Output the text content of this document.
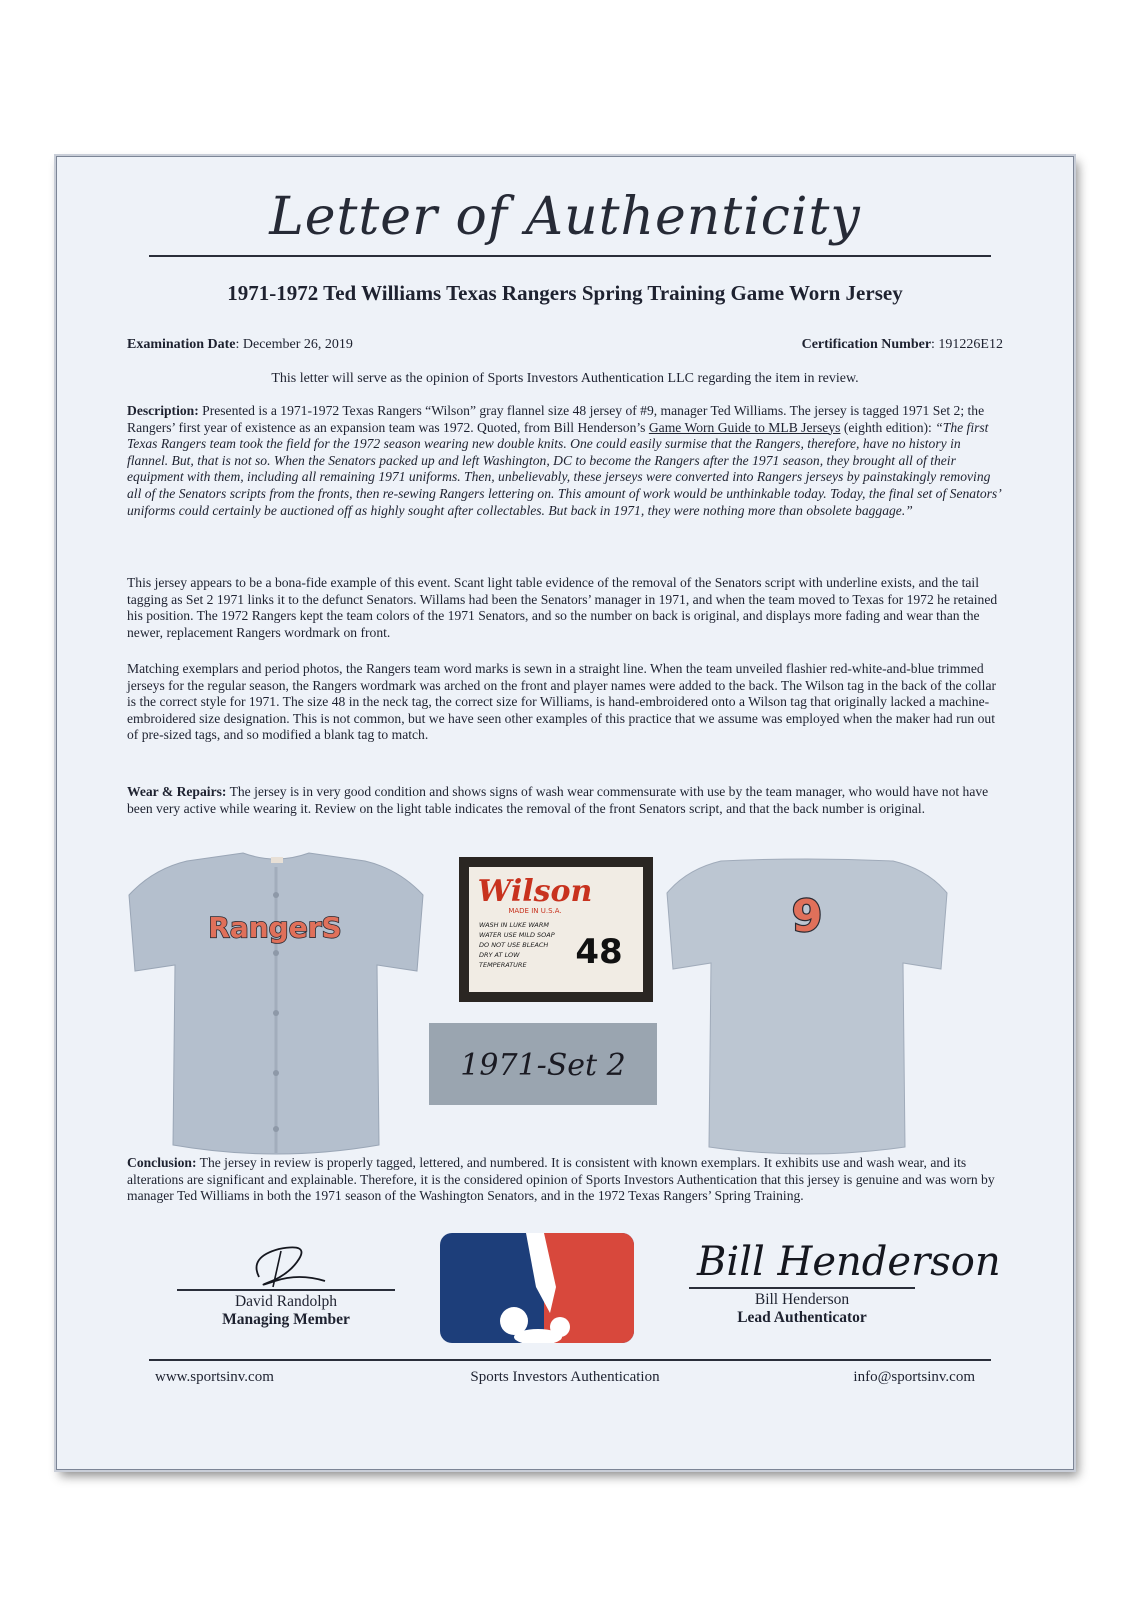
Letter of Authenticity
1971-1972 Ted Williams Texas Rangers Spring Training Game Worn Jersey
Examination Date: December 26, 2019	Certification Number: 191226E12
This letter will serve as the opinion of Sports Investors Authentication LLC regarding the item in review.

Description: Presented is a 1971-1972 Texas Rangers “Wilson” gray flannel size 48 jersey of #9, manager Ted Williams. The jersey is tagged 1971 Set 2; the Rangers’ first year of existence as an expansion team was 1972. Quoted, from Bill Henderson’s Game Worn Guide to MLB Jerseys (eighth edition): “The first Texas Rangers team took the field for the 1972 season wearing new double knits. One could easily surmise that the Rangers, therefore, have no history in flannel. But, that is not so. When the Senators packed up and left Washington, DC to become the Rangers after the 1971 season, they brought all of their equipment with them, including all remaining 1971 uniforms. Then, unbelievably, these jerseys were converted into Rangers jerseys by painstakingly removing all of the Senators scripts from the fronts, then re-sewing Rangers lettering on. This amount of work would be unthinkable today. Today, the final set of Senators’ uniforms could certainly be auctioned off as highly sought after collectables. But back in 1971, they were nothing more than obsolete baggage.”

This jersey appears to be a bona-fide example of this event. Scant light table evidence of the removal of the Senators script with underline exists, and the tail tagging as Set 2 1971 links it to the defunct Senators. Willams had been the Senators’ manager in 1971, and when the team moved to Texas for 1972 he retained his position. The 1972 Rangers kept the team colors of the 1971 Senators, and so the number on back is original, and displays more fading and wear than the newer, replacement Rangers wordmark on front.

Matching exemplars and period photos, the Rangers team word marks is sewn in a straight line. When the team unveiled flashier red-white-and-blue trimmed jerseys for the regular season, the Rangers wordmark was arched on the front and player names were added to the back. The Wilson tag in the back of the collar is the correct style for 1971. The size 48 in the neck tag, the correct size for Williams, is hand-embroidered onto a Wilson tag that originally lacked a machine-embroidered size designation. This is not common, but we have seen other examples of this practice that we assume was employed when the maker had run out of pre-sized tags, and so modified a blank tag to match.

Wear & Repairs: The jersey is in very good condition and shows signs of wash wear commensurate with use by the team manager, who would have not have been very active while wearing it. Review on the light table indicates the removal of the front Senators script, and that the back number is original.

RangerS
Wilson
MADE IN U.S.A.
WASH IN LUKE WARM
WATER USE MILD SOAP
DO NOT USE BLEACH
DRY AT LOW
TEMPERATURE 48
1971-Set 2
9

Conclusion: The jersey in review is properly tagged, lettered, and numbered. It is consistent with known exemplars. It exhibits use and wash wear, and its alterations are significant and explainable. Therefore, it is the considered opinion of Sports Investors Authentication that this jersey is genuine and was worn by manager Ted Williams in both the 1971 season of the Washington Senators, and in the 1972 Texas Rangers’ Spring Training.

David Randolph
Managing Member
Bill Henderson
Bill Henderson
Lead Authenticator
www.sportsinv.com	Sports Investors Authentication	info@sportsinv.com
